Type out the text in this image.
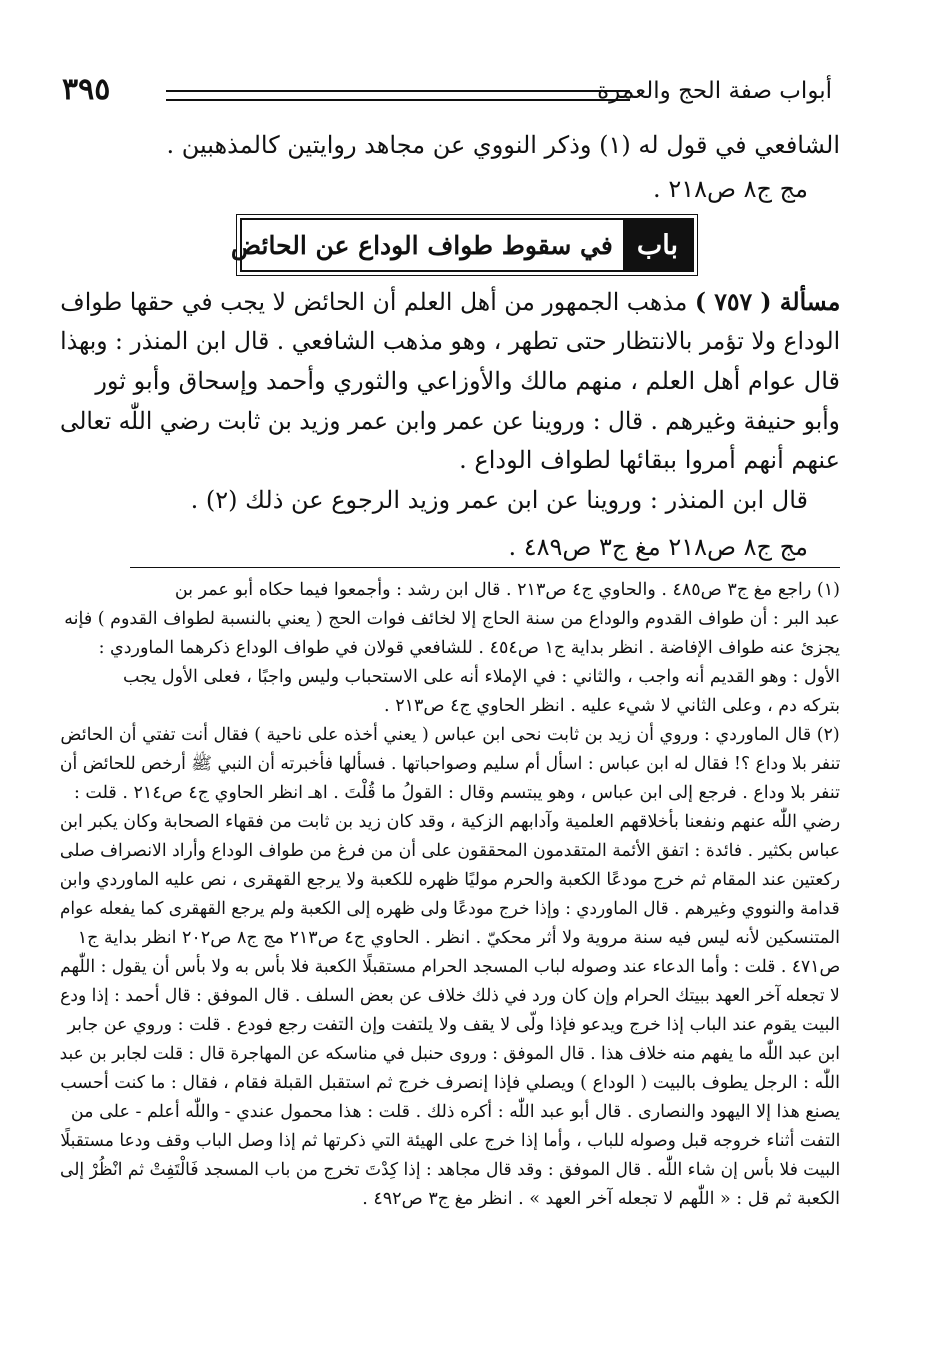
أبواب صفة الحج والعمرة
٣٩٥
الشافعي في قول له (١) وذكر النووي عن مجاهد روايتين كالمذهبين .
مج ج٨ ص٢١٨ .
باب
في سقوط طواف الوداع عن الحائض
مسألة ( ٧٥٧ ) مذهب الجمهور من أهل العلم أن الحائض لا يجب في حقها طواف
الوداع ولا تؤمر بالانتظار حتى تطهر ، وهو مذهب الشافعي . قال ابن المنذر : وبهذا
قال عوام أهل العلم ، منهم مالك والأوزاعي والثوري وأحمد وإسحاق وأبو ثور
وأبو حنيفة وغيرهم . قال : وروينا عن عمر وابن عمر وزيد بن ثابت رضي اللّٰه تعالى
عنهم أنهم أمروا ببقائها لطواف الوداع .
قال ابن المنذر : وروينا عن ابن عمر وزيد الرجوع عن ذلك (٢) .
مج ج٨ ص٢١٨ مغ ج٣ ص٤٨٩ .
(١) راجع مغ ج٣ ص٤٨٥ . والحاوي ج٤ ص٢١٣ . قال ابن رشد : وأجمعوا فيما حكاه أبو عمر بن
عبد البر : أن طواف القدوم والوداع من سنة الحاج إلا لخائف فوات الحج ( يعني بالنسبة لطواف القدوم ) فإنه
يجزئ عنه طواف الإفاضة . انظر بداية ج١ ص٤٥٤ . للشافعي قولان في طواف الوداع ذكرهما الماوردي :
الأول : وهو القديم أنه واجب ، والثاني : في الإملاء أنه على الاستحباب وليس واجبًا ، فعلى الأول يجب
بتركه دم ، وعلى الثاني لا شيء عليه . انظر الحاوي ج٤ ص٢١٣ .
(٢) قال الماوردي : وروي أن زيد بن ثابت نحى ابن عباس ( يعني أخذه على ناحية ) فقال أنت تفتي أن الحائض
تنفر بلا وداع ؟! فقال له ابن عباس : اسأل أم سليم وصواحباتها . فسألها فأخبرته أن النبي ﷺ أرخص للحائض أن
تنفر بلا وداع . فرجع إلى ابن عباس ، وهو يبتسم وقال : القولُ ما قُلْتَ . اهـ انظر الحاوي ج٤ ص٢١٤ . قلت :
رضي اللّٰه عنهم ونفعنا بأخلاقهم العلمية وآدابهم الزكية ، وقد كان زيد بن ثابت من فقهاء الصحابة وكان يكبر ابن
عباس بكثير . فائدة : اتفق الأئمة المتقدمون المحققون على أن من فرغ من طواف الوداع وأراد الانصراف صلى
ركعتين عند المقام ثم خرج مودعًا الكعبة والحرم موليًا ظهره للكعبة ولا يرجع القهقرى ، نص عليه الماوردي وابن
قدامة والنووي وغيرهم . قال الماوردي : وإذا خرج مودعًا ولى ظهره إلى الكعبة ولم يرجع القهقرى كما يفعله عوام
المتنسكين لأنه ليس فيه سنة مروية ولا أثر محكيّ . انظر . الحاوي ج٤ ص٢١٣ مج ج٨ ص٢٠٢ انظر بداية ج١
ص٤٧١ . قلت : وأما الدعاء عند وصوله لباب المسجد الحرام مستقبلًا الكعبة فلا بأس به ولا بأس أن يقول : اللّٰهم
لا تجعله آخر العهد ببيتك الحرام وإن كان ورد في ذلك خلاف عن بعض السلف . قال الموفق : قال أحمد : إذا ودع
البيت يقوم عند الباب إذا خرج ويدعو فإذا ولّى لا يقف ولا يلتفت وإن التفت رجع فودع . قلت : وروي عن جابر
ابن عبد اللّٰه ما يفهم منه خلاف هذا . قال الموفق : وروى حنبل في مناسكه عن المهاجرة قال : قلت لجابر بن عبد
اللّٰه : الرجل يطوف بالبيت ( الوداع ) ويصلي فإذا إنصرف خرج ثم استقبل القبلة فقام ، فقال : ما كنت أحسب
يصنع هذا إلا اليهود والنصارى . قال أبو عبد اللّٰه : أكره ذلك . قلت : هذا محمول عندي - واللّٰه أعلم - على من
التفت أثناء خروجه قبل وصوله للباب ، وأما إذا خرج على الهيئة التي ذكرتها ثم إذا وصل الباب وقف ودعا مستقبلًا
البيت فلا بأس إن شاء اللّٰه . قال الموفق : وقد قال مجاهد : إذا كِدْتَ تخرج من باب المسجد فَالْتَفِتْ ثم انْظُرْ إلى
الكعبة ثم قل : « اللّٰهم لا تجعله آخر العهد » . انظر مغ ج٣ ص٤٩٢ .
